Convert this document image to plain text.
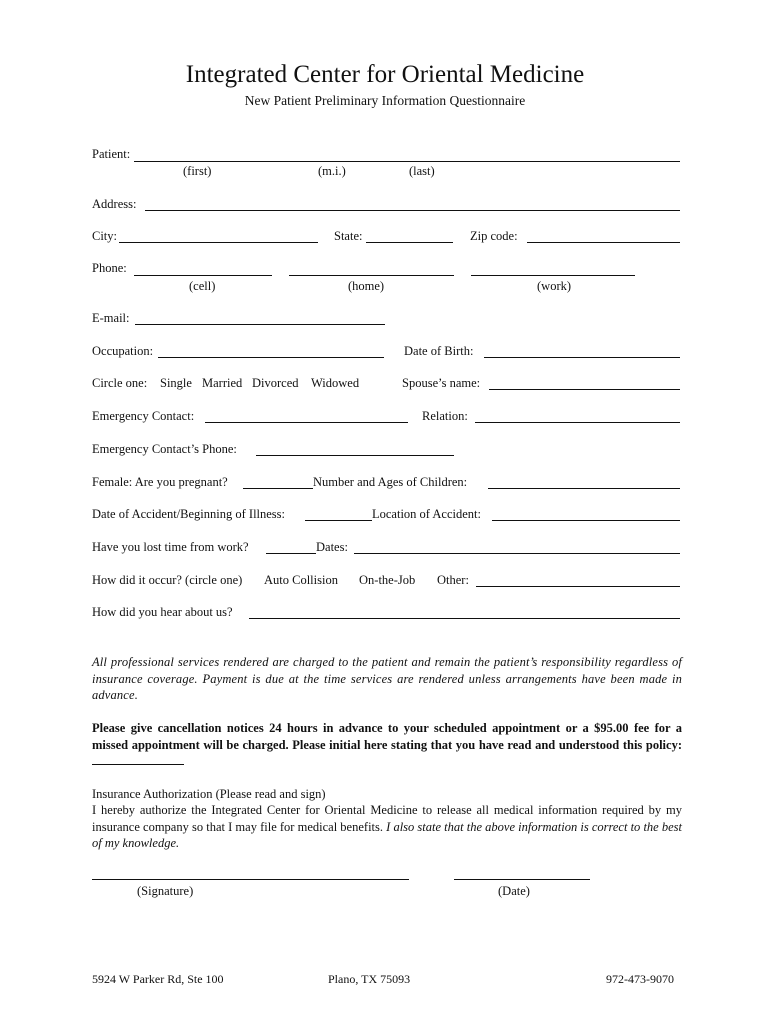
Integrated Center for Oriental Medicine
New Patient Preliminary Information Questionnaire
Patient:
(first)	(m.i.)	(last)
Address:
City:	State:	Zip code:
Phone:
(cell)	(home)	(work)
E-mail:
Occupation:	Date of Birth:
Circle one: Single Married Divorced Widowed	Spouse’s name:
Emergency Contact:	Relation:
Emergency Contact’s Phone:
Female: Are you pregnant?	Number and Ages of Children:
Date of Accident/Beginning of Illness:	Location of Accident:
Have you lost time from work?	Dates:
How did it occur? (circle one) Auto Collision On-the-Job Other:
How did you hear about us?
All professional services rendered are charged to the patient and remain the patient’s responsibility regardless of insurance coverage. Payment is due at the time services are rendered unless arrangements have been made in advance.
Please give cancellation notices 24 hours in advance to your scheduled appointment or a $95.00 fee for a missed appointment will be charged. Please initial here stating that you have read and understood this policy:
Insurance Authorization (Please read and sign)
I hereby authorize the Integrated Center for Oriental Medicine to release all medical information required by my insurance company so that I may file for medical benefits. I also state that the above information is correct to the best of my knowledge.
(Signature)	(Date)
5924 W Parker Rd, Ste 100	Plano, TX 75093	972-473-9070
